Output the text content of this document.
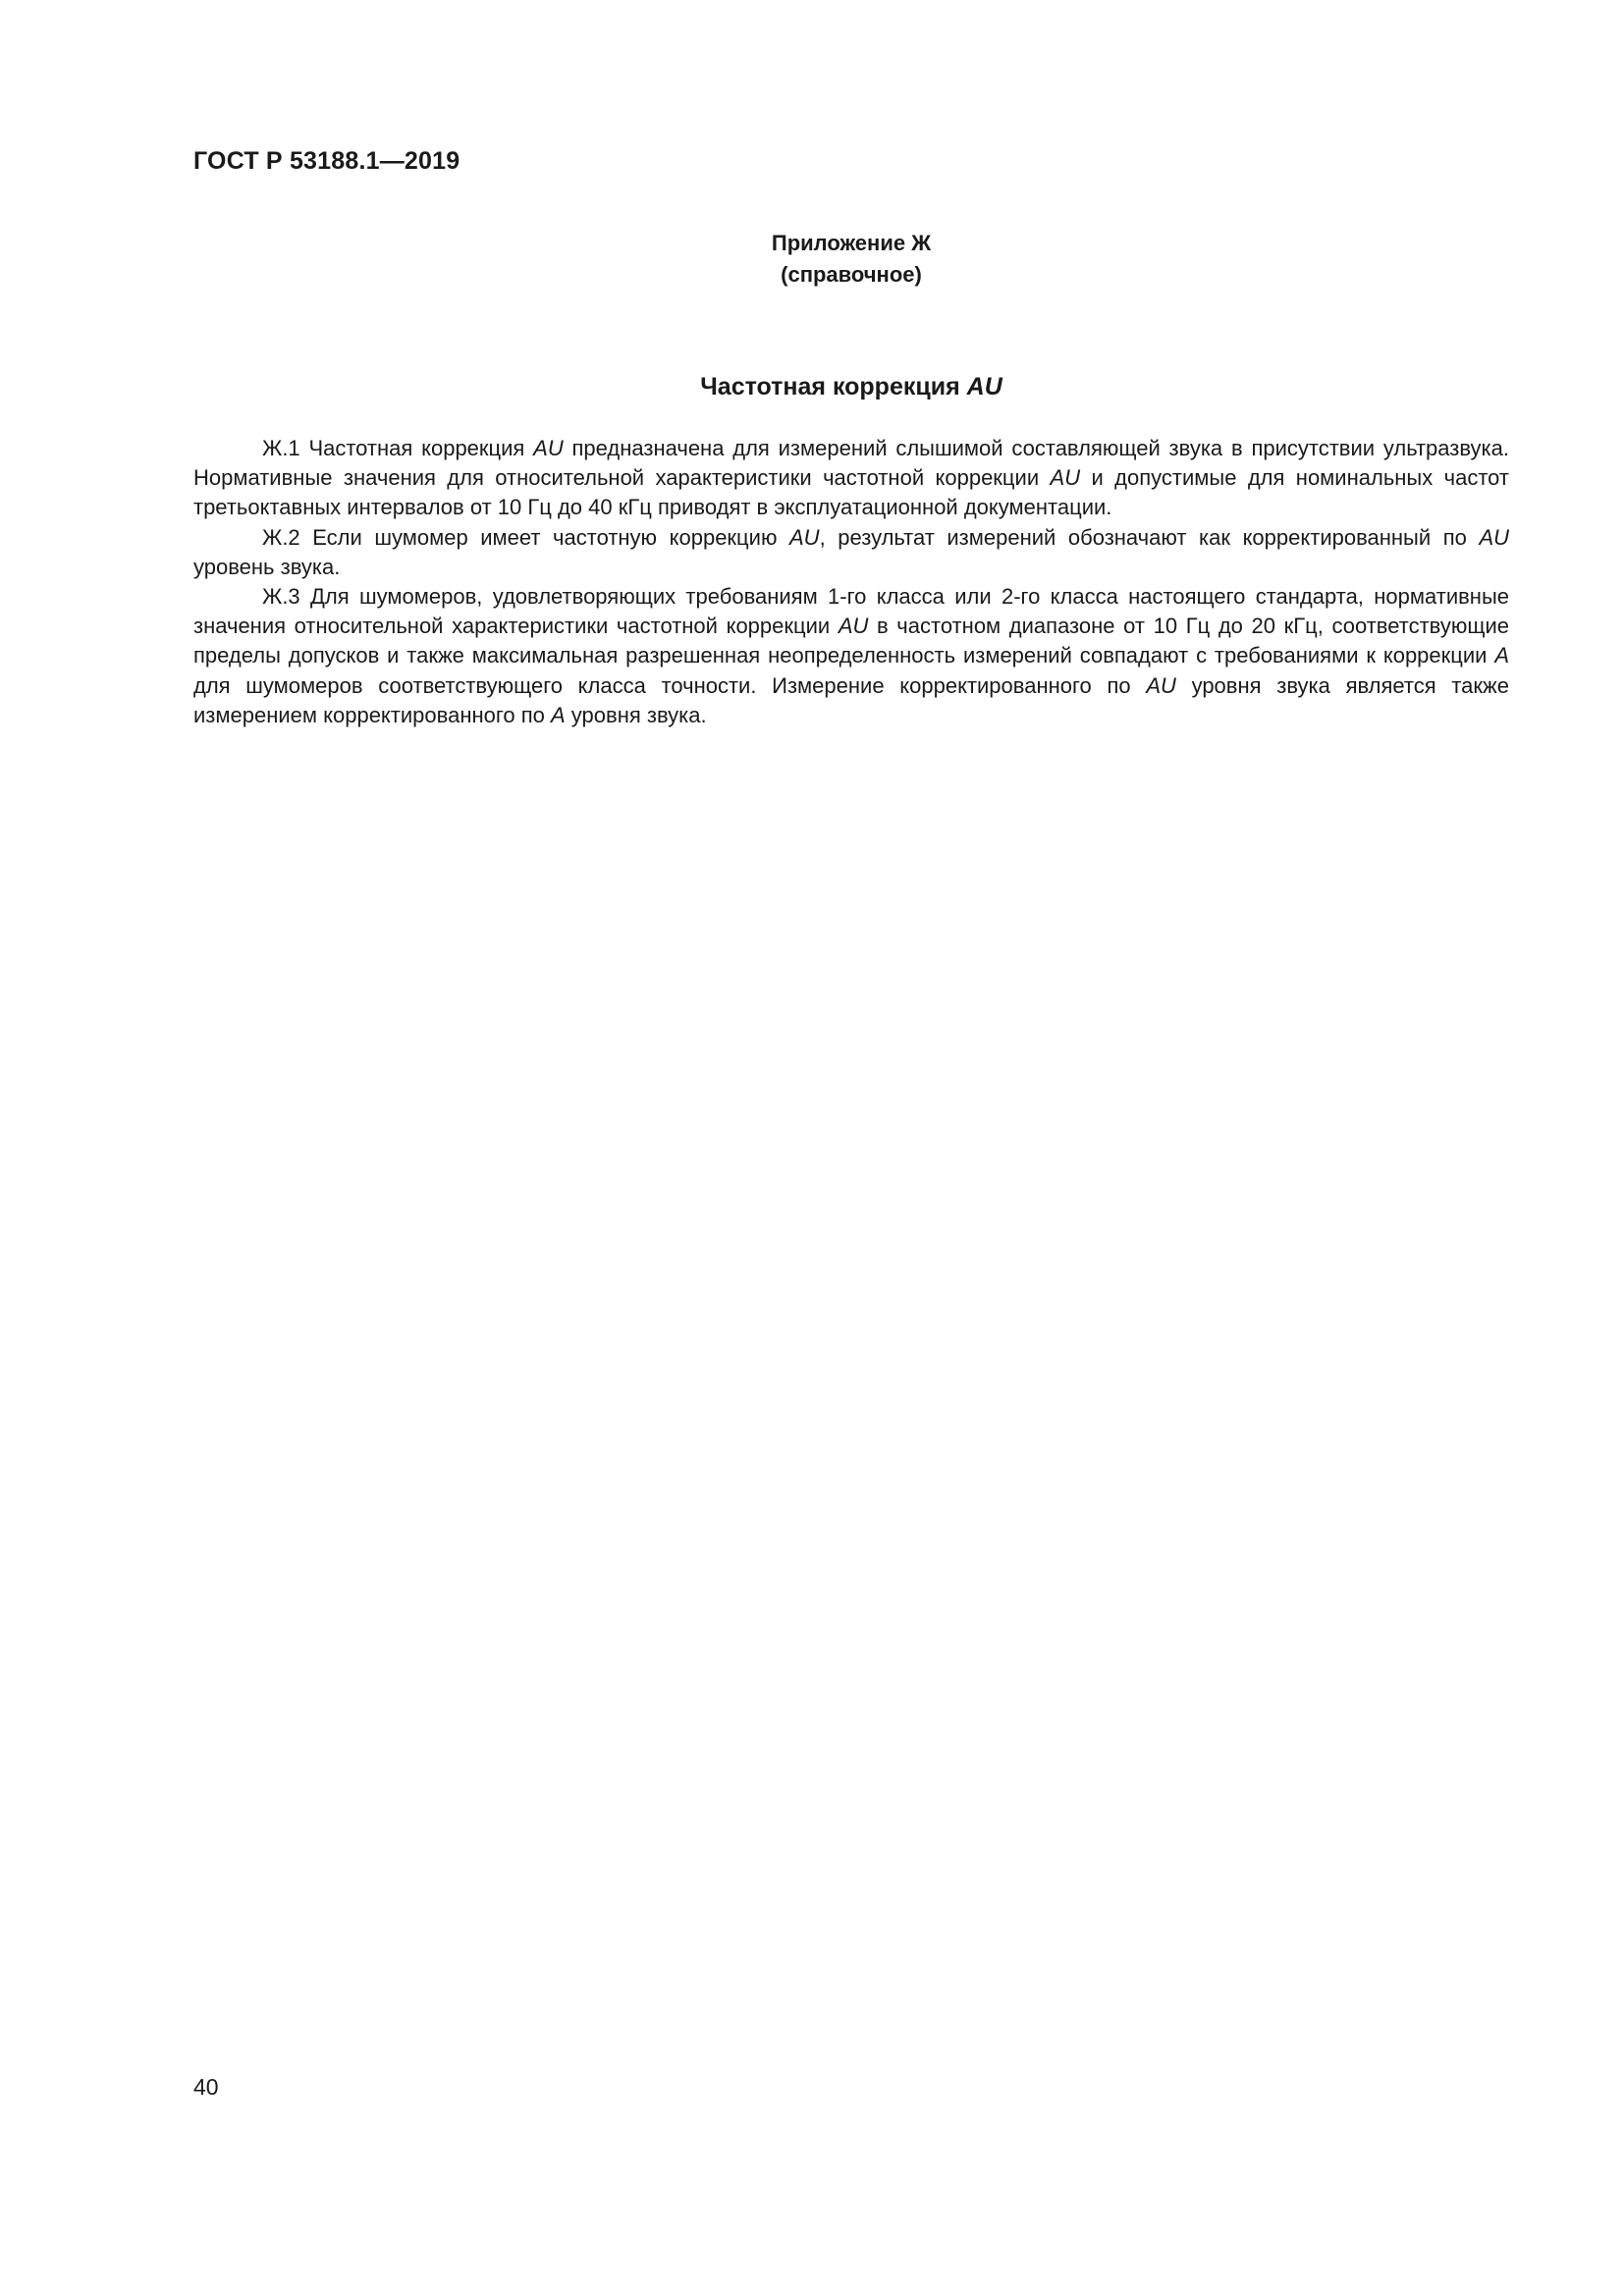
ГОСТ Р 53188.1—2019
Приложение Ж
(справочное)
Частотная коррекция AU

Ж.1 Частотная коррекция AU предназначена для измерений слышимой составляющей звука в присутствии ультразвука. Нормативные значения для относительной характеристики частотной коррекции AU и допустимые для номинальных частот третьоктавных интервалов от 10 Гц до 40 кГц приводят в эксплуатационной документации.

Ж.2 Если шумомер имеет частотную коррекцию AU, результат измерений обозначают как корректированный по AU уровень звука.

Ж.3 Для шумомеров, удовлетворяющих требованиям 1-го класса или 2-го класса настоящего стандарта, нормативные значения относительной характеристики частотной коррекции AU в частотном диапазоне от 10 Гц до 20 кГц, соответствующие пределы допусков и также максимальная разрешенная неопределенность измерений совпадают с требованиями к коррекции A для шумомеров соответствующего класса точности. Измерение корректированного по AU уровня звука является также измерением корректированного по A уровня звука.

40
